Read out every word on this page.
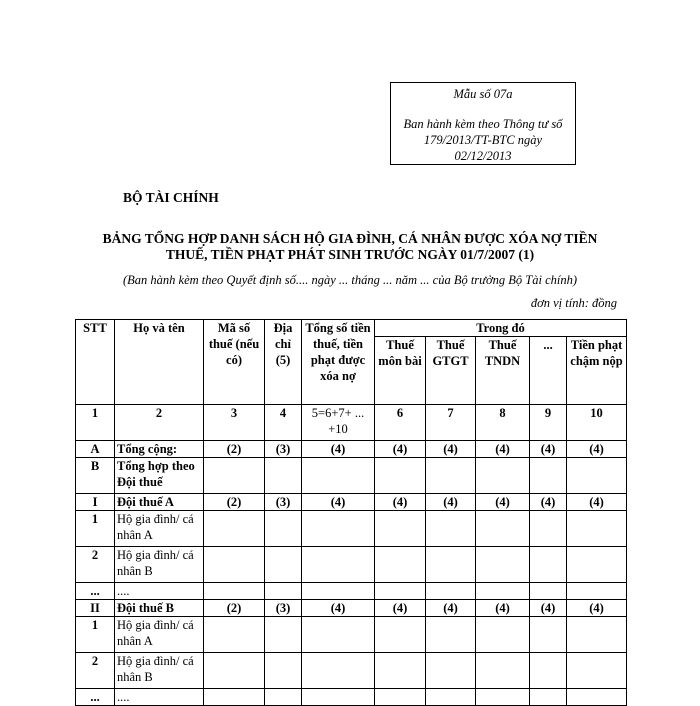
Mẫu số 07a
Ban hành kèm theo Thông tư số
179/2013/TT-BTC ngày
02/12/2013
BỘ TÀI CHÍNH
BẢNG TỔNG HỢP DANH SÁCH HỘ GIA ĐÌNH, CÁ NHÂN ĐƯỢC XÓA NỢ TIỀN
THUẾ, TIỀN PHẠT PHÁT SINH TRƯỚC NGÀY 01/7/2007 (1)
(Ban hành kèm theo Quyết định số.... ngày ... tháng ... năm ... của Bộ trưởng Bộ Tài chính)
đơn vị tính: đồng
STT	Họ và tên	Mã số thuế (nếu có)	Địa chỉ (5)	Tổng số tiền thuế, tiền phạt được xóa nợ	Trong đó				
					Thuế môn bài	Thuế GTGT	Thuế TNDN	...	Tiền phạt chậm nộp
1	2	3	4	5=6+7+ ... +10	6	7	8	9	10
A	Tổng cộng:	(2)	(3)	(4)	(4)	(4)	(4)	(4)	(4)
B	Tổng hợp theo Đội thuế								
I	Đội thuế A	(2)	(3)	(4)	(4)	(4)	(4)	(4)	(4)
1	Hộ gia đình/ cá nhân A								
2	Hộ gia đình/ cá nhân B								
...	....								
II	Đội thuế B	(2)	(3)	(4)	(4)	(4)	(4)	(4)	(4)
1	Hộ gia đình/ cá nhân A								
2	Hộ gia đình/ cá nhân B								
...	....								
